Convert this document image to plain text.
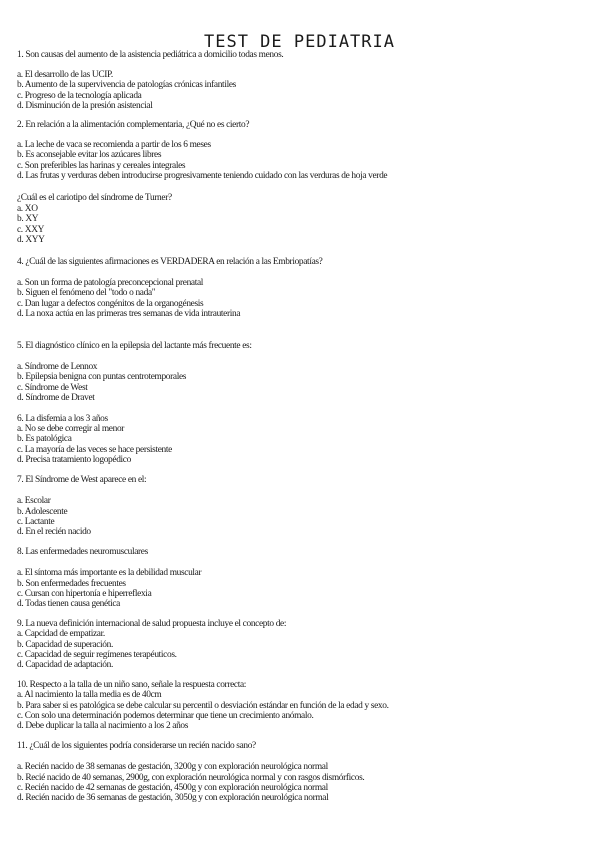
TEST DE PEDIATRIA
1. Son causas del aumento de la asistencia pediátrica a domicilio todas menos.
a. El desarrollo de las UCIP.
b. Aumento de la supervivencia de patologías crónicas infantiles
c. Progreso de la tecnología aplicada
d. Disminución de la presión asistencial
2. En relación a la alimentación complementaria, ¿Qué no es cierto?
a. La leche de vaca se recomienda a partir de los 6 meses
b. Es aconsejable evitar los azúcares libres
c. Son preferibles las harinas y cereales integrales
d. Las frutas y verduras deben introducirse progresivamente teniendo cuidado con las verduras de hoja verde
¿Cuál es el cariotipo del síndrome de Turner?
a. XO
b. XY
c. XXY
d. XYY
4. ¿Cuál de las siguientes afirmaciones es VERDADERA en relación a las Embriopatías?
a. Son un forma de patología preconcepcional prenatal
b. Siguen el fenómeno del "todo o nada"
c. Dan lugar a defectos congénitos de la organogénesis
d. La noxa actúa en las primeras tres semanas de vida intrauterina
5. El diagnóstico clínico en la epilepsia del lactante más frecuente es:
a. Síndrome de Lennox
b. Epilepsia benigna con puntas centrotemporales
c. Síndrome de West
d. Síndrome de Dravet
6. La disfemia a los 3 años
a. No se debe corregir al menor
b. Es patológica
c. La mayoría de las veces se hace persistente
d. Precisa tratamiento logopédico
7. El Síndrome de West aparece en el:
a. Escolar
b. Adolescente
c. Lactante
d. En el recién nacido
8. Las enfermedades neuromusculares
a. El síntoma más importante es la debilidad muscular
b. Son enfermedades frecuentes
c. Cursan con hipertonía e hiperreflexia
d. Todas tienen causa genética
9. La nueva definición internacional de salud propuesta incluye el concepto de:
a. Capcidad de empatizar.
b. Capacidad de superación.
c. Capacidad de seguir regímenes terapéuticos.
d. Capacidad de adaptación.
10. Respecto a la talla de un niño sano, señale la respuesta correcta:
a. Al nacimiento la talla media es de 40cm
b. Para saber si es patológica se debe calcular su percentil o desviación estándar en función de la edad y sexo.
c. Con solo una determinación podemos determinar que tiene un crecimiento anómalo.
d. Debe duplicar la talla al nacimiento a los 2 años
11. ¿Cuál de los siguientes podría considerarse un recién nacido sano?
a. Recién nacido de 38 semanas de gestación, 3200g y con exploración neurológica normal
b. Recié nacido de 40 semanas, 2900g, con exploración neurológica normal y con rasgos dismórficos.
c. Recién nacido de 42 semanas de gestación, 4500g y con exploración neurológica normal
d. Recién nacido de 36 semanas de gestación, 3050g y con exploración neurológica normal
